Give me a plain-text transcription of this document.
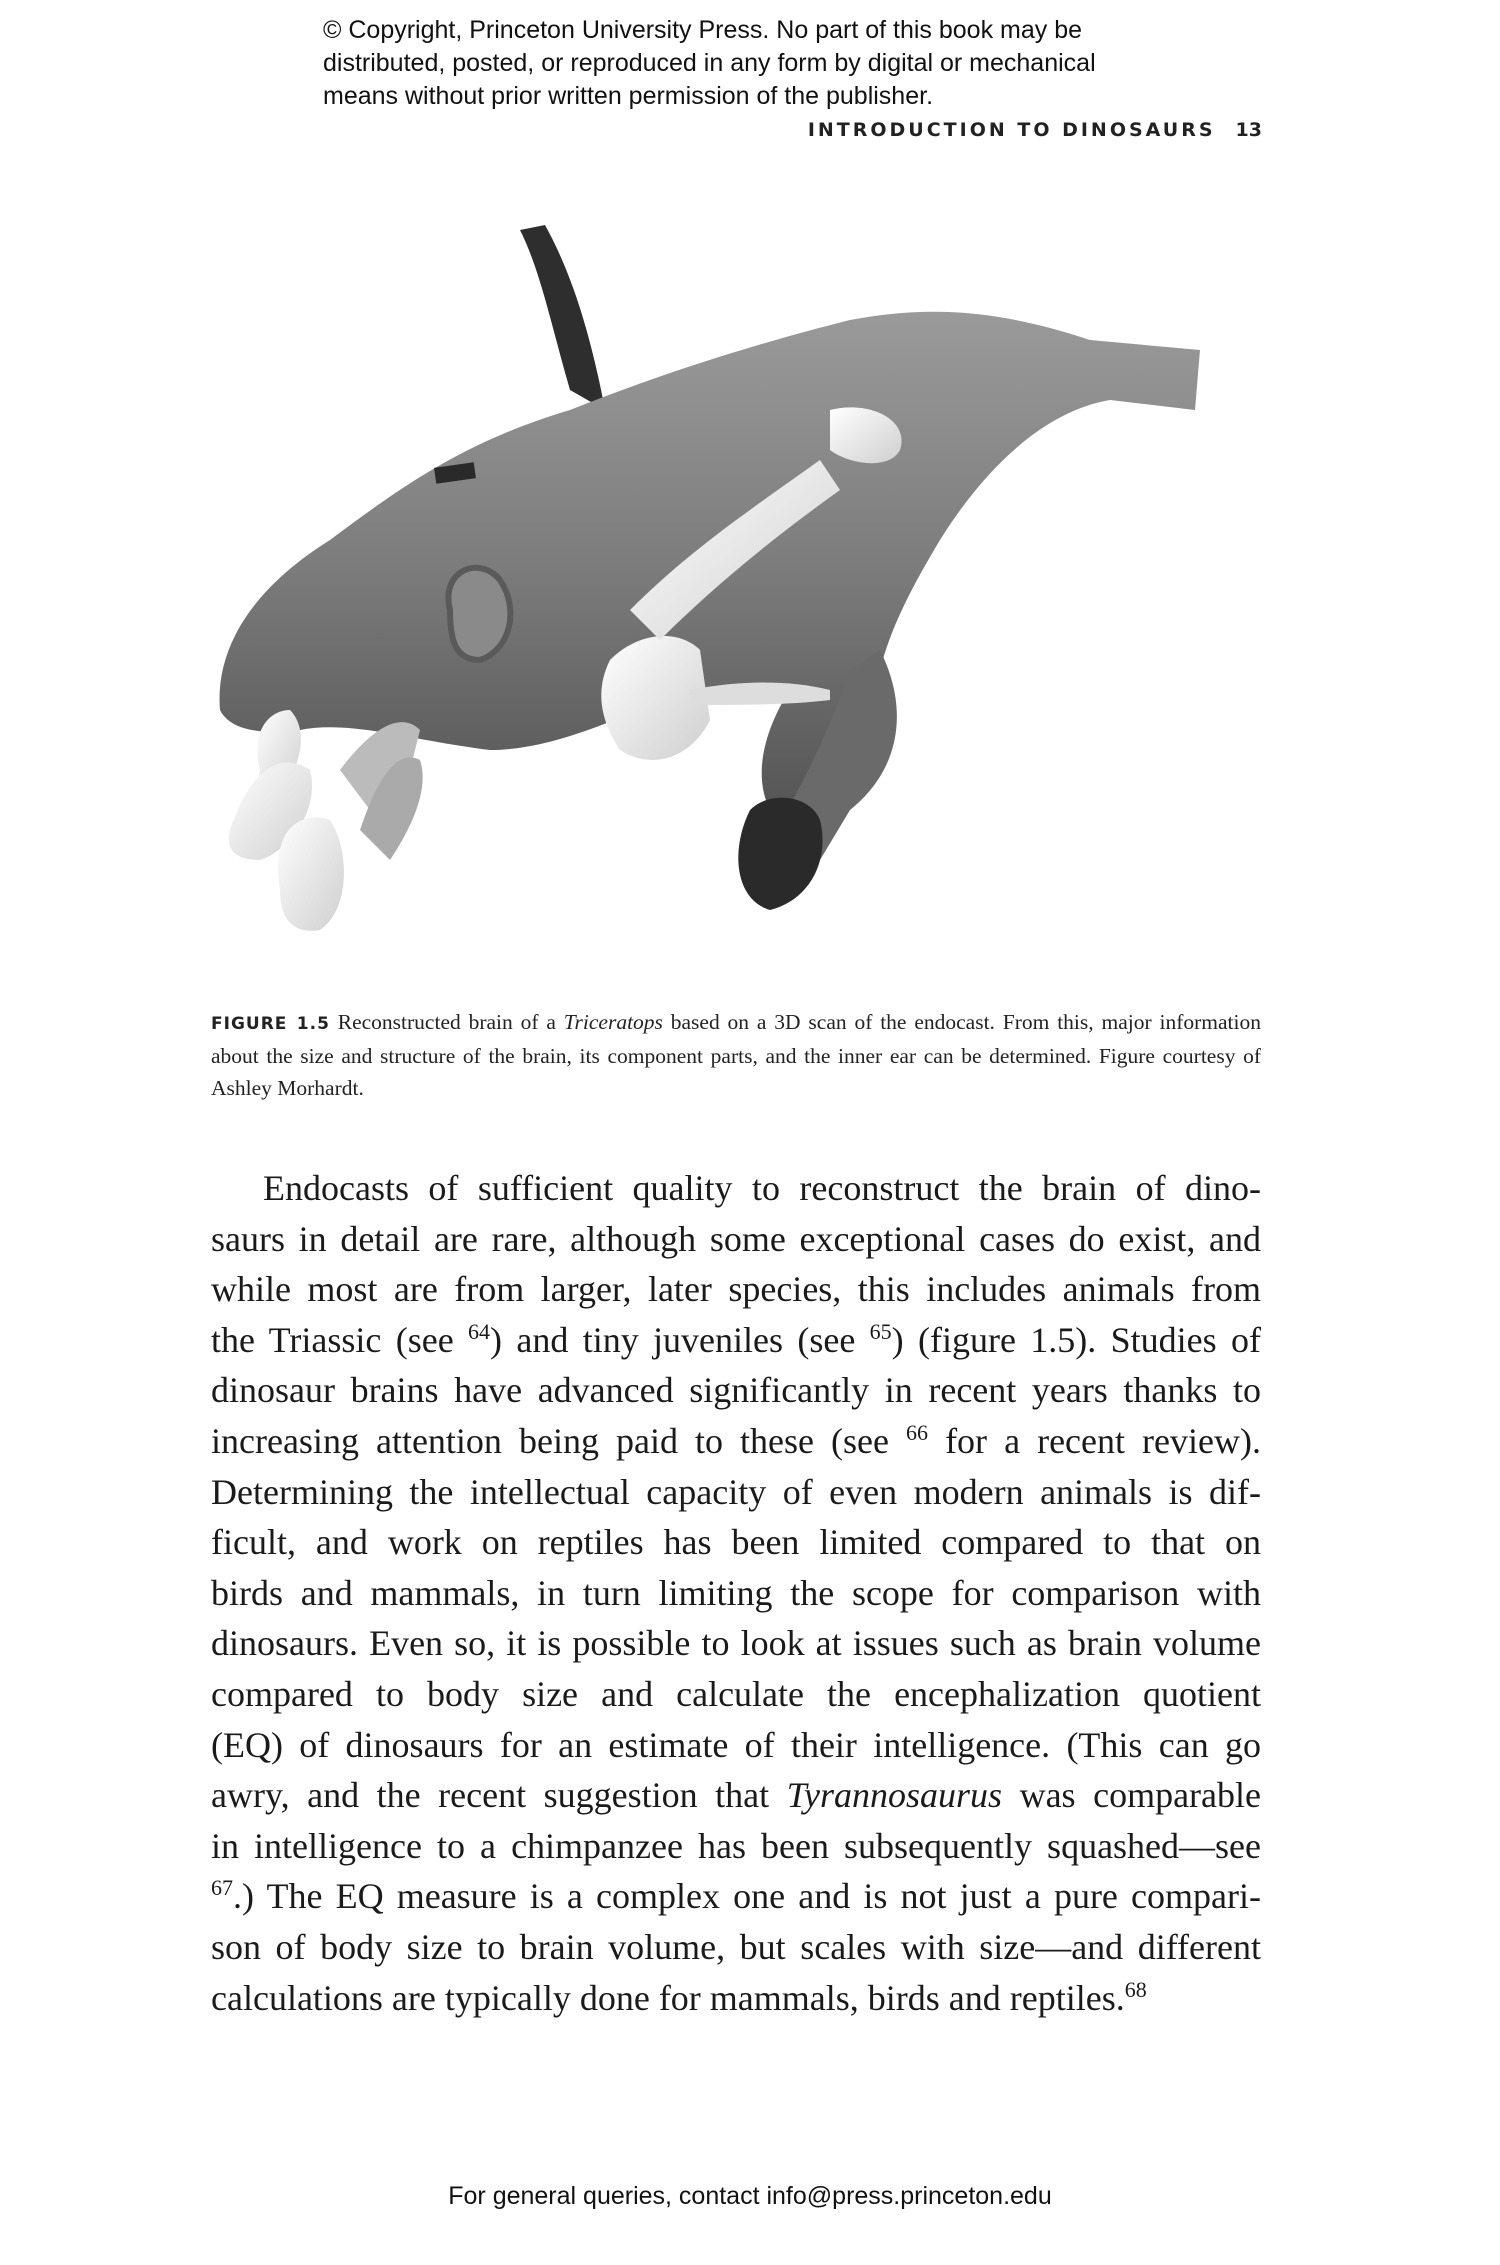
© Copyright, Princeton University Press. No part of this book may be
distributed, posted, or reproduced in any form by digital or mechanical
means without prior written permission of the publisher.
INTRODUCTION TO DINOSAURS 13
FIGURE 1.5 Reconstructed brain of a Triceratops based on a 3D scan of the endocast. From this, major information about the size and structure of the brain, its component parts, and the inner ear can be determined. Figure courtesy of Ashley Morhardt.
Endocasts of sufficient quality to reconstruct the brain of dino-
saurs in detail are rare, although some exceptional cases do exist, and
while most are from larger, later species, this includes animals from
the Triassic (see $^{64}$) and tiny juveniles (see $^{65}$) (figure 1.5). Studies of
dinosaur brains have advanced significantly in recent years thanks to
increasing attention being paid to these (see $^{66}$ for a recent review).
Determining the intellectual capacity of even modern animals is dif-
ficult, and work on reptiles has been limited compared to that on
birds and mammals, in turn limiting the scope for comparison with
dinosaurs. Even so, it is possible to look at issues such as brain volume
compared to body size and calculate the encephalization quotient
(EQ) of dinosaurs for an estimate of their intelligence. (This can go
awry, and the recent suggestion that Tyrannosaurus was comparable
in intelligence to a chimpanzee has been subsequently squashed—see
$^{67}$.) The EQ measure is a complex one and is not just a pure compari-
son of body size to brain volume, but scales with size—and different
calculations are typically done for mammals, birds and reptiles.$^{68}$
For general queries, contact info@press.princeton.edu
